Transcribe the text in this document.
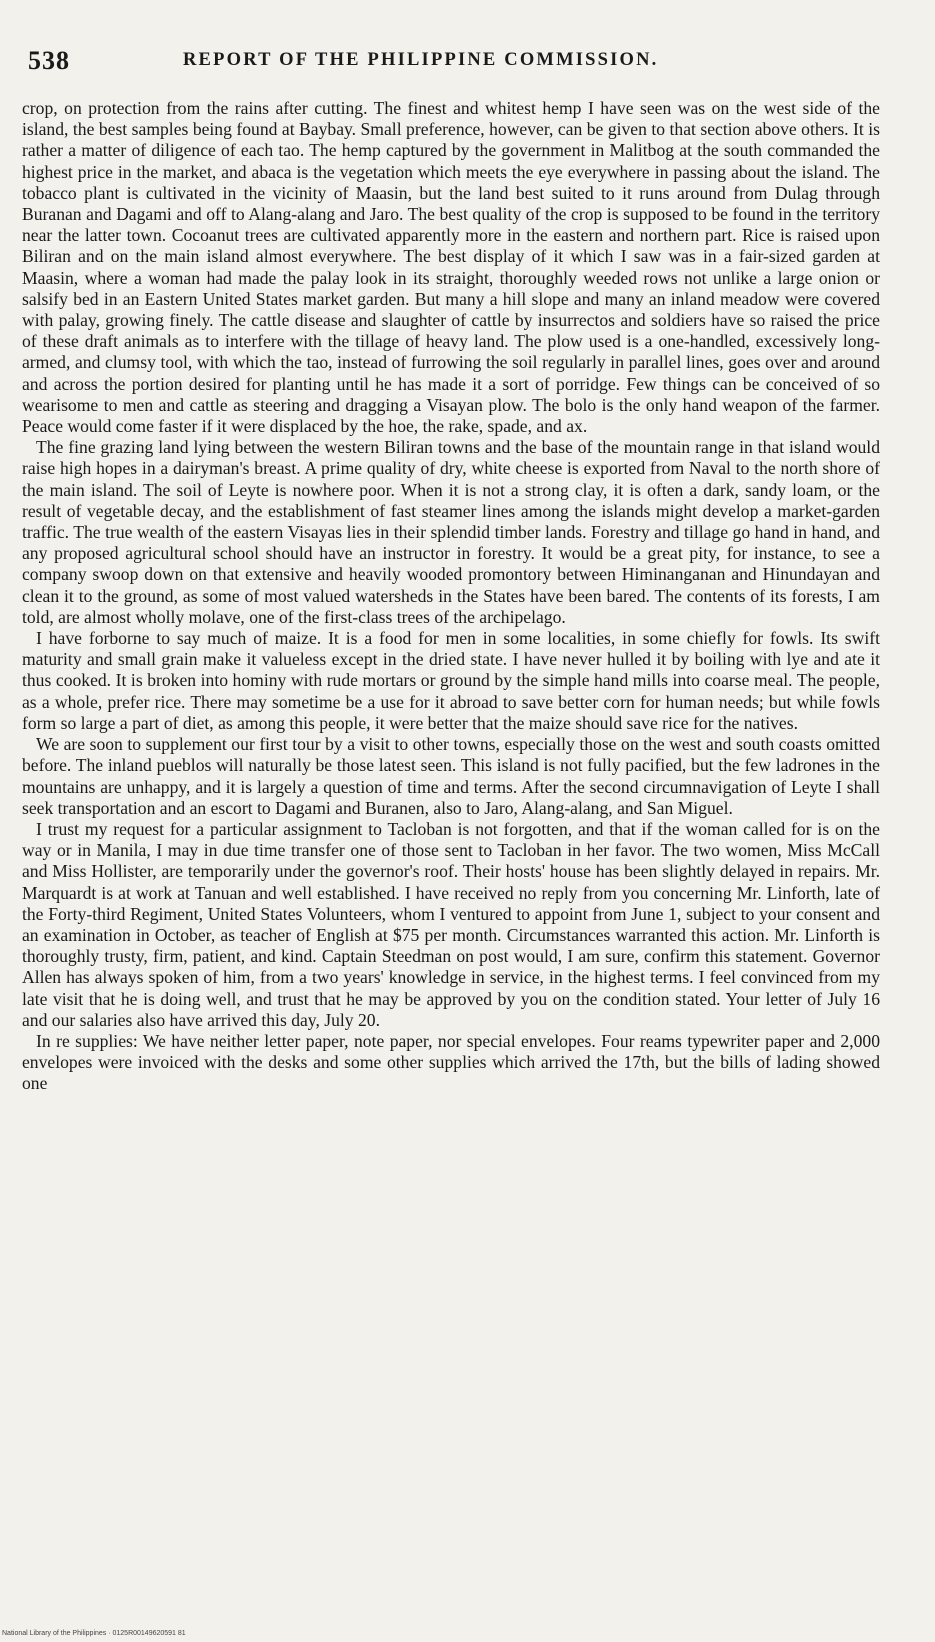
538	REPORT OF THE PHILIPPINE COMMISSION.

crop, on protection from the rains after cutting. The finest and whitest hemp I have seen was on the west side of the island, the best samples being found at Baybay. Small preference, however, can be given to that section above others. It is rather a matter of diligence of each tao. The hemp captured by the government in Malitbog at the south commanded the highest price in the market, and abaca is the vegetation which meets the eye everywhere in passing about the island. The tobacco plant is cultivated in the vicinity of Maasin, but the land best suited to it runs around from Dulag through Buranan and Dagami and off to Alang-alang and Jaro. The best quality of the crop is supposed to be found in the territory near the latter town. Cocoanut trees are cultivated apparently more in the eastern and northern part. Rice is raised upon Biliran and on the main island almost everywhere. The best display of it which I saw was in a fair-sized garden at Maasin, where a woman had made the palay look in its straight, thoroughly weeded rows not unlike a large onion or salsify bed in an Eastern United States market garden. But many a hill slope and many an inland meadow were covered with palay, growing finely. The cattle disease and slaughter of cattle by insurrectos and soldiers have so raised the price of these draft animals as to interfere with the tillage of heavy land. The plow used is a one-handled, excessively long-armed, and clumsy tool, with which the tao, instead of furrowing the soil regularly in parallel lines, goes over and around and across the portion desired for planting until he has made it a sort of porridge. Few things can be conceived of so wearisome to men and cattle as steering and dragging a Visayan plow. The bolo is the only hand weapon of the farmer. Peace would come faster if it were displaced by the hoe, the rake, spade, and ax.

The fine grazing land lying between the western Biliran towns and the base of the mountain range in that island would raise high hopes in a dairyman's breast. A prime quality of dry, white cheese is exported from Naval to the north shore of the main island. The soil of Leyte is nowhere poor. When it is not a strong clay, it is often a dark, sandy loam, or the result of vegetable decay, and the establishment of fast steamer lines among the islands might develop a market-garden traffic. The true wealth of the eastern Visayas lies in their splendid timber lands. Forestry and tillage go hand in hand, and any proposed agricultural school should have an instructor in forestry. It would be a great pity, for instance, to see a company swoop down on that extensive and heavily wooded promontory between Himinanganan and Hinundayan and clean it to the ground, as some of most valued watersheds in the States have been bared. The contents of its forests, I am told, are almost wholly molave, one of the first-class trees of the archipelago.

I have forborne to say much of maize. It is a food for men in some localities, in some chiefly for fowls. Its swift maturity and small grain make it valueless except in the dried state. I have never hulled it by boiling with lye and ate it thus cooked. It is broken into hominy with rude mortars or ground by the simple hand mills into coarse meal. The people, as a whole, prefer rice. There may sometime be a use for it abroad to save better corn for human needs; but while fowls form so large a part of diet, as among this people, it were better that the maize should save rice for the natives.

We are soon to supplement our first tour by a visit to other towns, especially those on the west and south coasts omitted before. The inland pueblos will naturally be those latest seen. This island is not fully pacified, but the few ladrones in the mountains are unhappy, and it is largely a question of time and terms. After the second circumnavigation of Leyte I shall seek transportation and an escort to Dagami and Buranen, also to Jaro, Alang-alang, and San Miguel.

I trust my request for a particular assignment to Tacloban is not forgotten, and that if the woman called for is on the way or in Manila, I may in due time transfer one of those sent to Tacloban in her favor. The two women, Miss McCall and Miss Hollister, are temporarily under the governor's roof. Their hosts' house has been slightly delayed in repairs. Mr. Marquardt is at work at Tanuan and well established. I have received no reply from you concerning Mr. Linforth, late of the Forty-third Regiment, United States Volunteers, whom I ventured to appoint from June 1, subject to your consent and an examination in October, as teacher of English at $75 per month. Circumstances warranted this action. Mr. Linforth is thoroughly trusty, firm, patient, and kind. Captain Steedman on post would, I am sure, confirm this statement. Governor Allen has always spoken of him, from a two years' knowledge in service, in the highest terms. I feel convinced from my late visit that he is doing well, and trust that he may be approved by you on the condition stated. Your letter of July 16 and our salaries also have arrived this day, July 20.

In re supplies: We have neither letter paper, note paper, nor special envelopes. Four reams typewriter paper and 2,000 envelopes were invoiced with the desks and some other supplies which arrived the 17th, but the bills of lading showed one

National Library of the Philippines · 0125R00149620591 81
